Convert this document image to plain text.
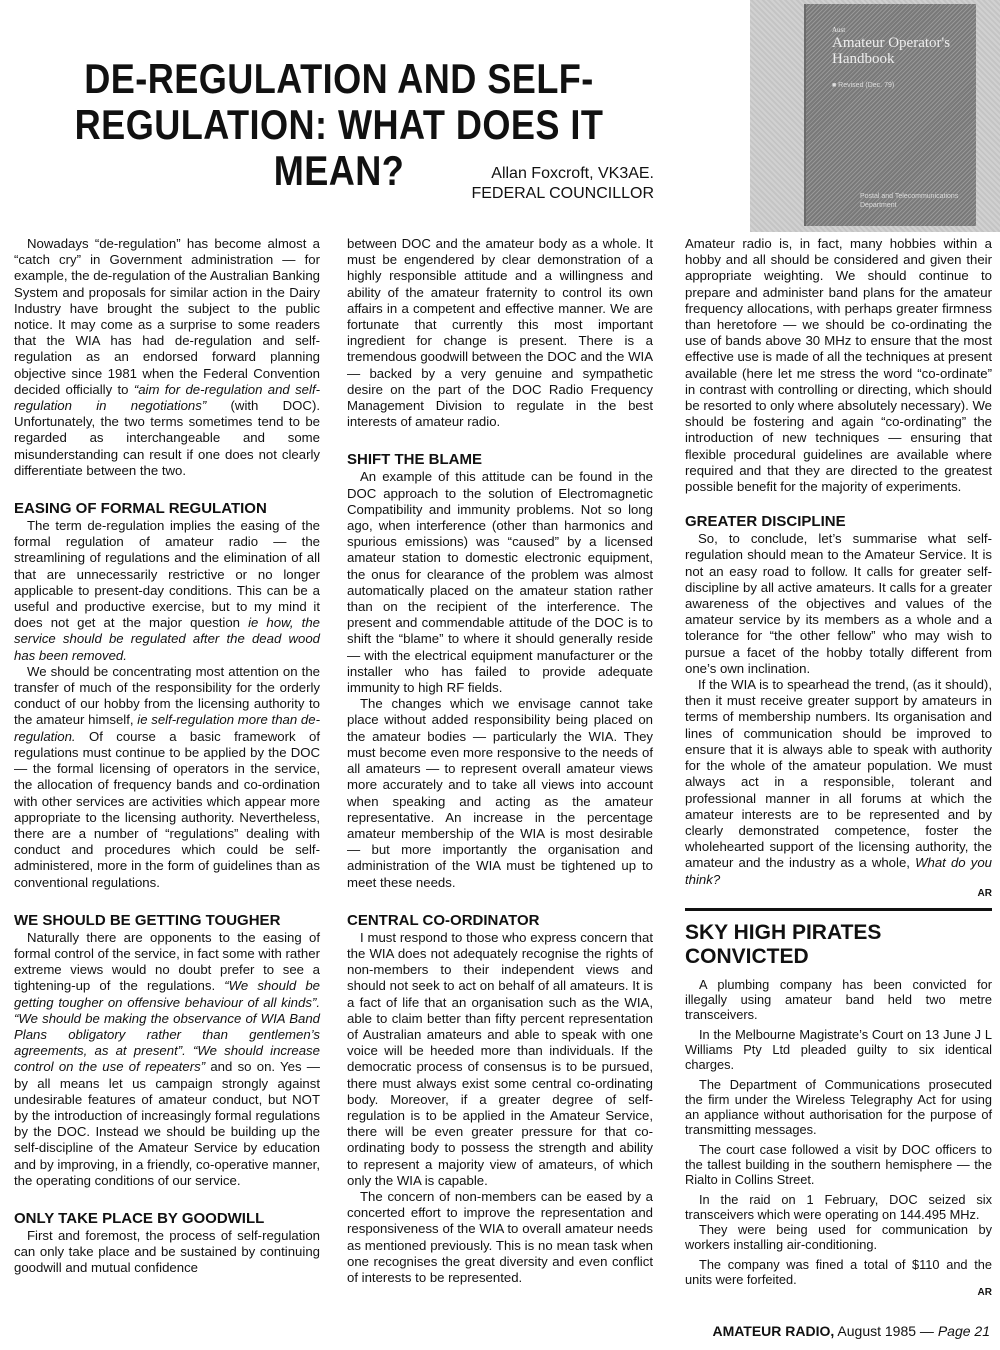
DE-REGULATION AND SELF-REGULATION: WHAT DOES IT MEAN?	Allan Foxcroft, VK3AE.
FEDERAL COUNCILLOR
Aust
Amateur Operator's Handbook
■ Revised (Dec. 79)
Postal and Telecommunications Department

Nowadays “de-regulation” has become almost a “catch cry” in Government administration — for example, the de-regulation of the Australian Banking System and proposals for similar action in the Dairy Industry have brought the subject to the public notice. It may come as a surprise to some readers that the WIA has had de-regulation and self-regulation as an endorsed forward planning objective since 1981 when the Federal Convention decided officially to “aim for de-regulation and self-regulation in negotiations” (with DOC). Unfortunately, the two terms sometimes tend to be regarded as interchangeable and some misunderstanding can result if one does not clearly differentiate between the two.

EASING OF FORMAL REGULATION

The term de-regulation implies the easing of the formal regulation of amateur radio — the streamlining of regulations and the elimination of all that are unnecessarily restrictive or no longer applicable to present-day conditions. This can be a useful and productive exercise, but to my mind it does not get at the major question ie how, the service should be regulated after the dead wood has been removed.

We should be concentrating most attention on the transfer of much of the responsibility for the orderly conduct of our hobby from the licensing authority to the amateur himself, ie self-regulation more than de-regulation. Of course a basic framework of regulations must continue to be applied by the DOC — the formal licensing of operators in the service, the allocation of frequency bands and co-ordination with other services are activities which appear more appropriate to the licensing authority. Nevertheless, there are a number of “regulations” dealing with conduct and procedures which could be self-administered, more in the form of guidelines than as conventional regulations.

WE SHOULD BE GETTING TOUGHER

Naturally there are opponents to the easing of formal control of the service, in fact some with rather extreme views would no doubt prefer to see a tightening-up of the regulations. “We should be getting tougher on offensive behaviour of all kinds”. “We should be making the observance of WIA Band Plans obligatory rather than gentlemen’s agreements, as at present”. “We should increase control on the use of repeaters” and so on. Yes — by all means let us campaign strongly against undesirable features of amateur conduct, but NOT by the introduction of increasingly formal regulations by the DOC. Instead we should be building up the self-discipline of the Amateur Service by education and by improving, in a friendly, co-operative manner, the operating conditions of our service.

ONLY TAKE PLACE BY GOODWILL

First and foremost, the process of self-regulation can only take place and be sustained by continuing goodwill and mutual confidence

between DOC and the amateur body as a whole. It must be engendered by clear demonstration of a highly responsible attitude and a willingness and ability of the amateur fraternity to control its own affairs in a competent and effective manner. We are fortunate that currently this most important ingredient for change is present. There is a tremendous goodwill between the DOC and the WIA — backed by a very genuine and sympathetic desire on the part of the DOC Radio Frequency Management Division to regulate in the best interests of amateur radio.

SHIFT THE BLAME

An example of this attitude can be found in the DOC approach to the solution of Electromagnetic Compatibility and immunity problems. Not so long ago, when interference (other than harmonics and spurious emissions) was “caused” by a licensed amateur station to domestic electronic equipment, the onus for clearance of the problem was almost automatically placed on the amateur station rather than on the recipient of the interference. The present and commendable attitude of the DOC is to shift the “blame” to where it should generally reside — with the electrical equipment manufacturer or the installer who has failed to provide adequate immunity to high RF fields.

The changes which we envisage cannot take place without added responsibility being placed on the amateur bodies — particularly the WIA. They must become even more responsive to the needs of all amateurs — to represent overall amateur views more accurately and to take all views into account when speaking and acting as the amateur representative. An increase in the percentage amateur membership of the WIA is most desirable — but more importantly the organisation and administration of the WIA must be tightened up to meet these needs.

CENTRAL CO-ORDINATOR

I must respond to those who express concern that the WIA does not adequately recognise the rights of non-members to their independent views and should not seek to act on behalf of all amateurs. It is a fact of life that an organisation such as the WIA, able to claim better than fifty percent representation of Australian amateurs and able to speak with one voice will be heeded more than individuals. If the democratic process of consensus is to be pursued, there must always exist some central co-ordinating body. Moreover, if a greater degree of self-regulation is to be applied in the Amateur Service, there will be even greater pressure for that co-ordinating body to possess the strength and ability to represent a majority view of amateurs, of which only the WIA is capable.

The concern of non-members can be eased by a concerted effort to improve the representation and responsiveness of the WIA to overall amateur needs as mentioned previously. This is no mean task when one recognises the great diversity and even conflict of interests to be represented.

Amateur radio is, in fact, many hobbies within a hobby and all should be considered and given their appropriate weighting. We should continue to prepare and administer band plans for the amateur frequency allocations, with perhaps greater firmness than heretofore — we should be co-ordinating the use of bands above 30 MHz to ensure that the most effective use is made of all the techniques at present available (here let me stress the word “co-ordinate” in contrast with controlling or directing, which should be resorted to only where absolutely necessary). We should be fostering and again “co-ordinating” the introduction of new techniques — ensuring that flexible procedural guidelines are available where required and that they are directed to the greatest possible benefit for the majority of experiments.

GREATER DISCIPLINE

So, to conclude, let’s summarise what self-regulation should mean to the Amateur Service. It is not an easy road to follow. It calls for greater self-discipline by all active amateurs. It calls for a greater awareness of the objectives and values of the amateur service by its members as a whole and a tolerance for “the other fellow” who may wish to pursue a facet of the hobby totally different from one’s own inclination.

If the WIA is to spearhead the trend, (as it should), then it must receive greater support by amateurs in terms of membership numbers. Its organisation and lines of communication should be improved to ensure that it is always able to speak with authority for the whole of the amateur population. We must always act in a responsible, tolerant and professional manner in all forums at which the amateur interests are to be represented and by clearly demonstrated competence, foster the wholehearted support of the licensing authority, the amateur and the industry as a whole, What do you think?

AR
SKY HIGH PIRATES CONVICTED

A plumbing company has been convicted for illegally using amateur band held two metre transceivers.

In the Melbourne Magistrate’s Court on 13 June J L Williams Pty Ltd pleaded guilty to six identical charges.

The Department of Communications prosecuted the firm under the Wireless Telegraphy Act for using an appliance without authorisation for the purpose of transmitting messages.

The court case followed a visit by DOC officers to the tallest building in the southern hemisphere — the Rialto in Collins Street.

In the raid on 1 February, DOC seized six transceivers which were operating on 144.495 MHz.

They were being used for communication by workers installing air-conditioning.

The company was fined a total of $110 and the units were forfeited.

AR
AMATEUR RADIO, August 1985 — Page 21
